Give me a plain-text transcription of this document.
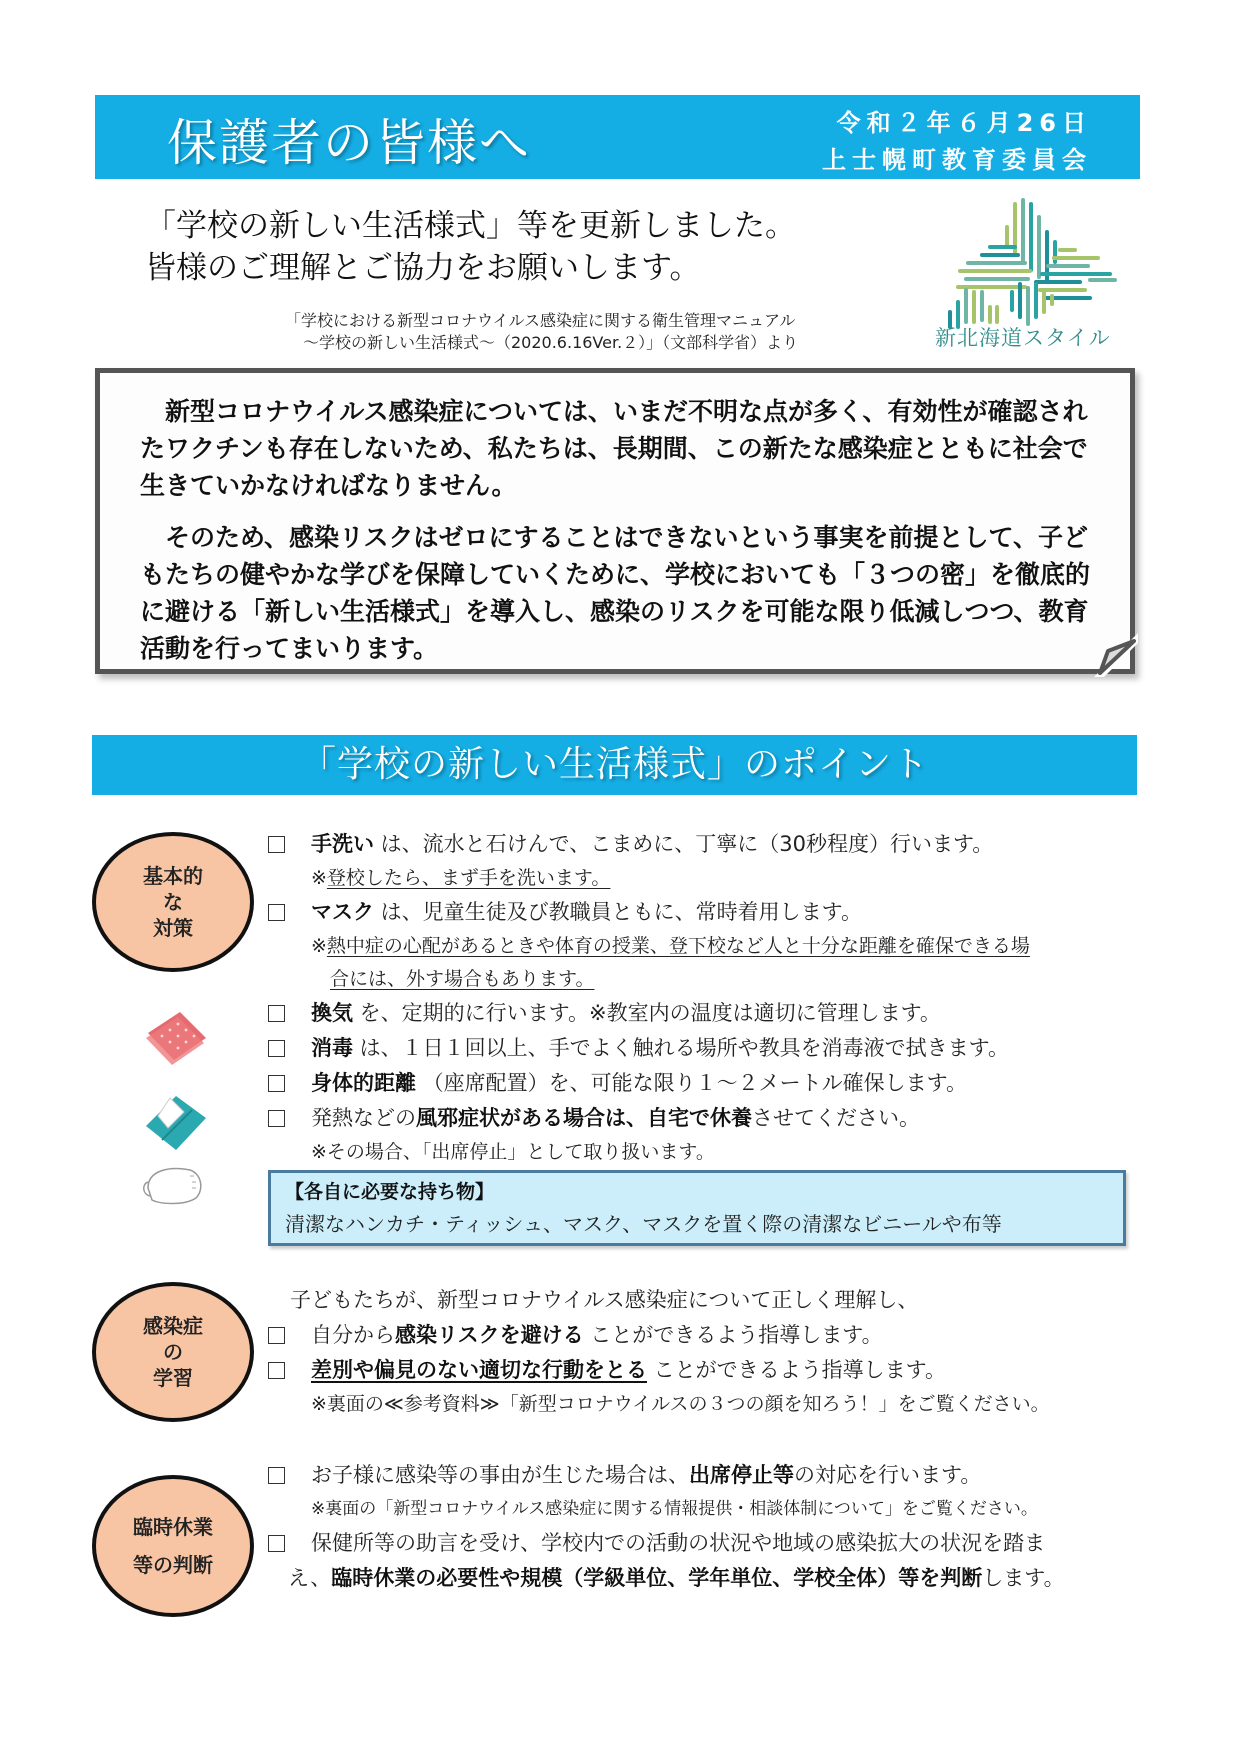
保護者の皆様へ	令和２年６月26日
上士幌町教育委員会
「学校の新しい生活様式」等を更新しました。
皆様のご理解とご協力をお願いします。
「学校における新型コロナウイルス感染症に関する衛生管理マニュアル
～学校の新しい生活様式～（2020.6.16Ver.２）」（文部科学省）より	新北海道スタイル

新型コロナウイルス感染症については、いまだ不明な点が多く、有効性が確認されたワクチンも存在しないため、私たちは、長期間、この新たな感染症とともに社会で生きていかなければなりません。

そのため、感染リスクはゼロにすることはできないという事実を前提として、子どもたちの健やかな学びを保障していくために、学校においても「３つの密」を徹底的に避ける「新しい生活様式」を導入し、感染のリスクを可能な限り低減しつつ、教育活動を行ってまいります。

「学校の新しい生活様式」のポイント
基本的
な
対策
手洗い は、流水と石けんで、こまめに、丁寧に（30秒程度）行います。
※登校したら、まず手を洗います。
マスク は、児童生徒及び教職員ともに、常時着用します。
※熱中症の心配があるときや体育の授業、登下校など人と十分な距離を確保できる場
合には、外す場合もあります。
換気 を、定期的に行います。※教室内の温度は適切に管理します。
消毒 は、１日１回以上、手でよく触れる場所や教具を消毒液で拭きます。
身体的距離 （座席配置）を、可能な限り１～２メートル確保します。
発熱などの風邪症状がある場合は、自宅で休養させてください。
※その場合、「出席停止」として取り扱います。
【各自に必要な持ち物】
清潔なハンカチ・ティッシュ、マスク、マスクを置く際の清潔なビニールや布等
感染症
の
学習
子どもたちが、新型コロナウイルス感染症について正しく理解し、
自分から感染リスクを避ける ことができるよう指導します。
差別や偏見のない適切な行動をとる ことができるよう指導します。
※裏面の≪参考資料≫「新型コロナウイルスの３つの顔を知ろう！」をご覧ください。
臨時休業
等の判断
お子様に感染等の事由が生じた場合は、出席停止等の対応を行います。
※裏面の「新型コロナウイルス感染症に関する情報提供・相談体制について」をご覧ください。
保健所等の助言を受け、学校内での活動の状況や地域の感染拡大の状況を踏ま
え、 臨時休業の必要性や規模（学級単位、学年単位、学校全体）等を判断 します。
